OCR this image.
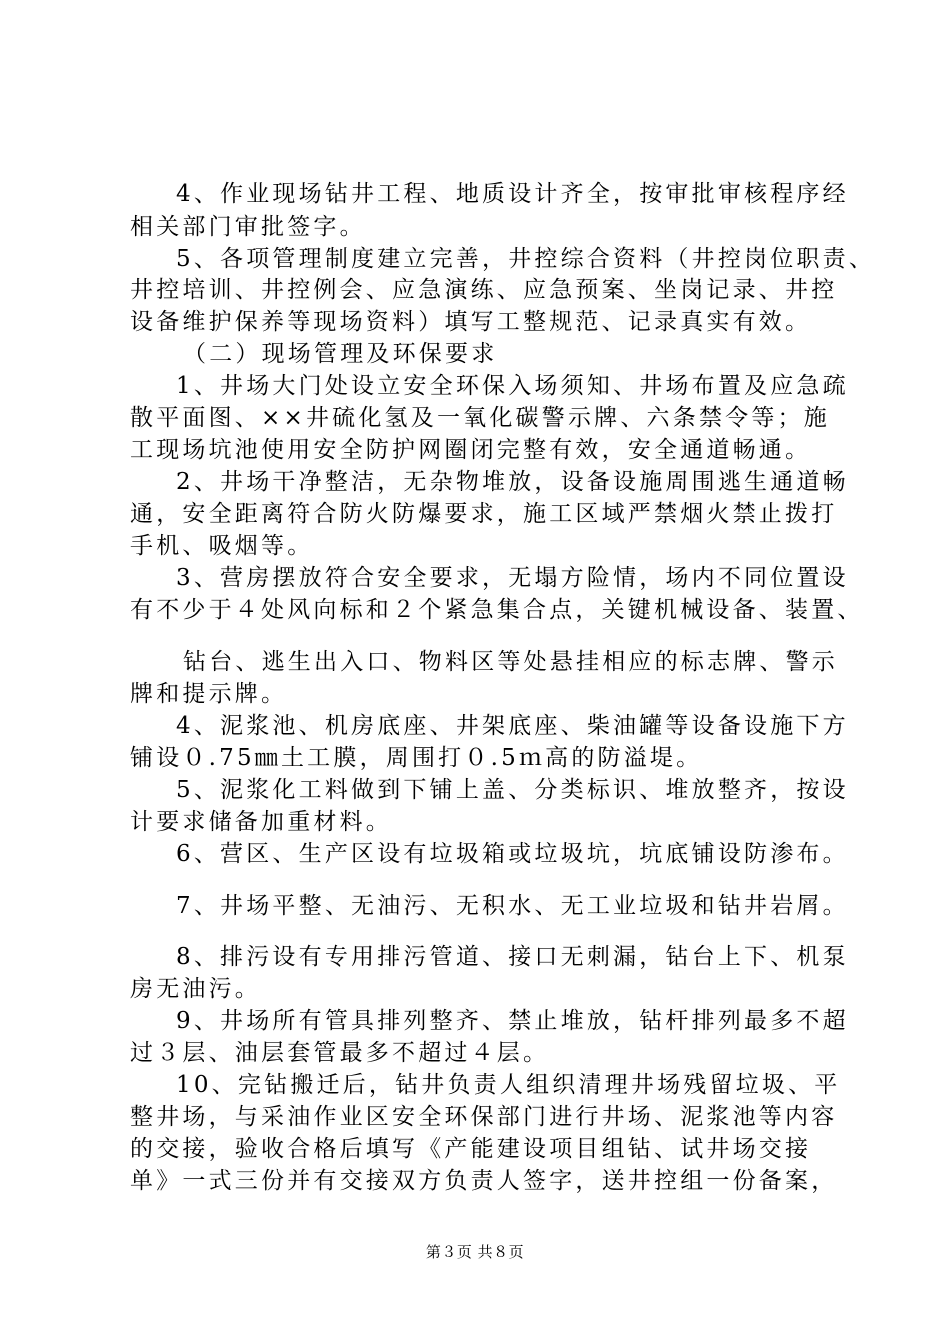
4、作业现场钻井工程、地质设计齐全，按审批审核程序经
相关部门审批签字。
5、各项管理制度建立完善，井控综合资料（井控岗位职责、
井控培训、井控例会、应急演练、应急预案、坐岗记录、井控
设备维护保养等现场资料）填写工整规范、记录真实有效。
（二）现场管理及环保要求
1、井场大门处设立安全环保入场须知、井场布置及应急疏
散平面图、××井硫化氢及一氧化碳警示牌、六条禁令等；施
工现场坑池使用安全防护网圈闭完整有效，安全通道畅通。
2、井场干净整洁，无杂物堆放，设备设施周围逃生通道畅
通，安全距离符合防火防爆要求，施工区域严禁烟火禁止拨打
手机、吸烟等。
3、营房摆放符合安全要求，无塌方险情，场内不同位置设
有不少于４处风向标和２个紧急集合点，关键机械设备、装置、
钻台、逃生出入口、物料区等处悬挂相应的标志牌、警示
牌和提示牌。
4、泥浆池、机房底座、井架底座、柴油罐等设备设施下方
铺设０.75㎜土工膜，周围打０.5ｍ高的防溢堤。
5、泥浆化工料做到下铺上盖、分类标识、堆放整齐，按设
计要求储备加重材料。
6、营区、生产区设有垃圾箱或垃圾坑，坑底铺设防渗布。
7、井场平整、无油污、无积水、无工业垃圾和钻井岩屑。
8、排污设有专用排污管道、接口无刺漏，钻台上下、机泵
房无油污。
9、井场所有管具排列整齐、禁止堆放，钻杆排列最多不超
过３层、油层套管最多不超过４层。
10、完钻搬迁后，钻井负责人组织清理井场残留垃圾、平
整井场，与采油作业区安全环保部门进行井场、泥浆池等内容
的交接，验收合格后填写《产能建设项目组钻、试井场交接
单》一式三份并有交接双方负责人签字，送井控组一份备案，
第３页 共８页
